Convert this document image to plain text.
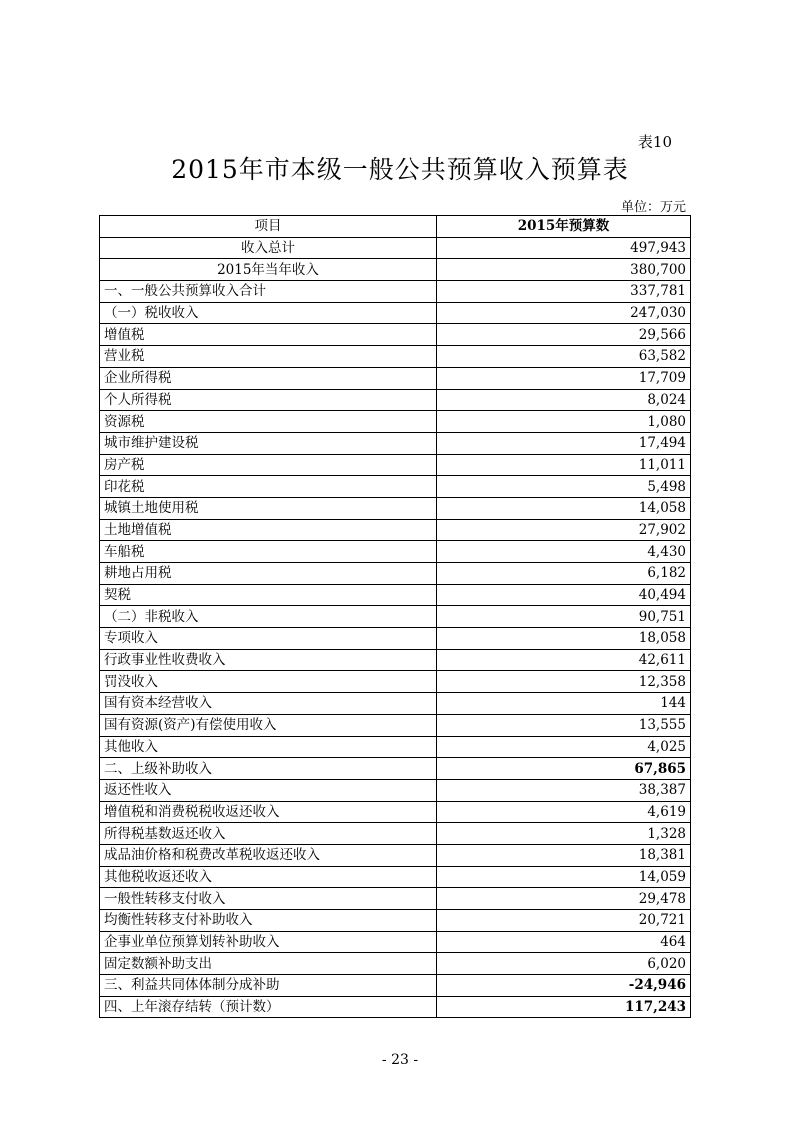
表10
2015年市本级一般公共预算收入预算表
单位：万元
项目	2015年预算数
收入总计	497,943
2015年当年收入	380,700
一、一般公共预算收入合计	337,781
（一）税收收入	247,030
增值税	29,566
营业税	63,582
企业所得税	17,709
个人所得税	8,024
资源税	1,080
城市维护建设税	17,494
房产税	11,011
印花税	5,498
城镇土地使用税	14,058
土地增值税	27,902
车船税	4,430
耕地占用税	6,182
契税	40,494
（二）非税收入	90,751
专项收入	18,058
行政事业性收费收入	42,611
罚没收入	12,358
国有资本经营收入	144
国有资源(资产)有偿使用收入	13,555
其他收入	4,025
二、上级补助收入	67,865
返还性收入	38,387
增值税和消费税税收返还收入	4,619
所得税基数返还收入	1,328
成品油价格和税费改革税收返还收入	18,381
其他税收返还收入	14,059
一般性转移支付收入	29,478
均衡性转移支付补助收入	20,721
企事业单位预算划转补助收入	464
固定数额补助支出	6,020
三、利益共同体体制分成补助	-24,946
四、上年滚存结转（预计数）	117,243
- 23 -
